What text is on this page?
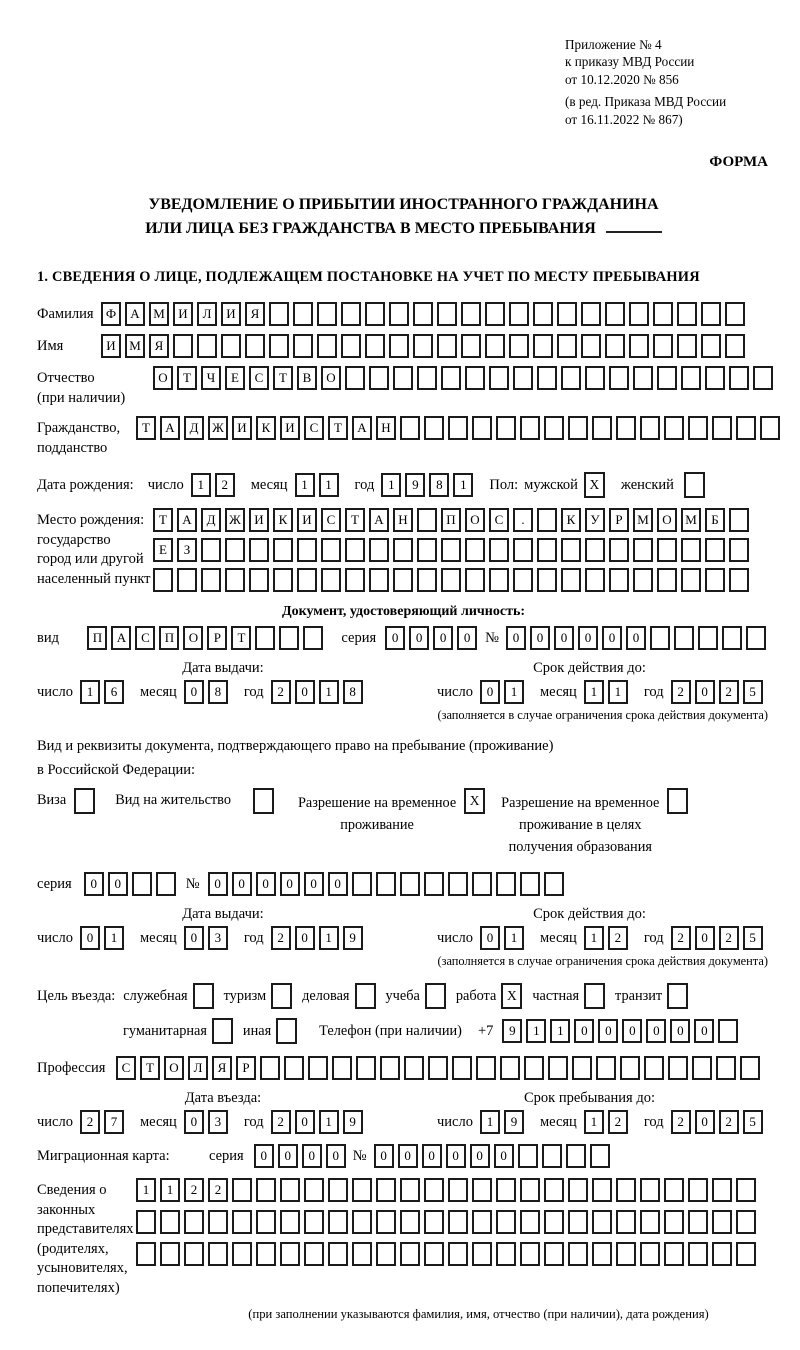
Приложение № 4
к приказу МВД России
от 10.12.2020 № 856
(в ред. Приказа МВД России
от 16.11.2022 № 867)
ФОРМА
УВЕДОМЛЕНИЕ О ПРИБЫТИИ ИНОСТРАННОГО ГРАЖДАНИНА
ИЛИ ЛИЦА БЕЗ ГРАЖДАНСТВА В МЕСТО ПРЕБЫВАНИЯ
1. СВЕДЕНИЯ О ЛИЦЕ, ПОДЛЕЖАЩЕМ ПОСТАНОВКЕ НА УЧЕТ ПО МЕСТУ ПРЕБЫВАНИЯ
Фамилия Ф	А	М	И	Л	И	Я
Имя	И	М	Я
Отчество
(при наличии)
О	Т	Ч	Е	С	Т	В	О
Гражданство,
подданство
Т	А	Д	Ж	И	К	И	С	Т	А	Н
Дата рождения: число	1	2	месяц	1	1	год	1	9	8	1	Пол: мужской X	женский
Место рождения:
государство
город или другой
населенный пункт
Т	А	Д	Ж	И	К	И	С	Т	А	Н	П	О	С	.	К	У	Р	М	О	М	Б
Е	З
Документ, удостоверяющий личность:
вид	П	А	С	П	О	Р	Т	серия	0	0	0	0	№	0	0	0	0	0	0
Дата выдачи:
число	1	6	месяц	0	8	год	2	0	1	8
Срок действия до:
число	0	1	месяц	1	1	год	2	0	2	5
(заполняется в случае ограничения срока действия документа)
Вид и реквизиты документа, подтверждающего право на пребывание (проживание)
в Российской Федерации:
Виза	Вид на жительство	Разрешение на временное
проживание
X	Разрешение на временное
проживание в целях
получения образования
серия	0	0	№	0	0	0	0	0	0
Дата выдачи:
число	0	1	месяц	0	3	год	2	0	1	9
Срок действия до:
число	0	1	месяц	1	2	год	2	0	2	5
(заполняется в случае ограничения срока действия документа)
Цель въезда: служебная	туризм	деловая	учеба	работа X	частная	транзит
гуманитарная	иная	Телефон (при наличии) +7	9	1	1	0	0	0	0	0	0
Профессия	С	Т	О	Л	Я	Р
Дата въезда:
число	2	7	месяц	0	3	год	2	0	1	9
Срок пребывания до:
число	1	9	месяц	1	2	год	2	0	2	5
Миграционная карта:	серия	0	0	0	0 №	0	0	0	0	0	0
Сведения о
законных
представителях
(родителях,
усыновителях,
попечителях)
1	1	2	2
(при заполнении указываются фамилия, имя, отчество (при наличии), дата рождения)
